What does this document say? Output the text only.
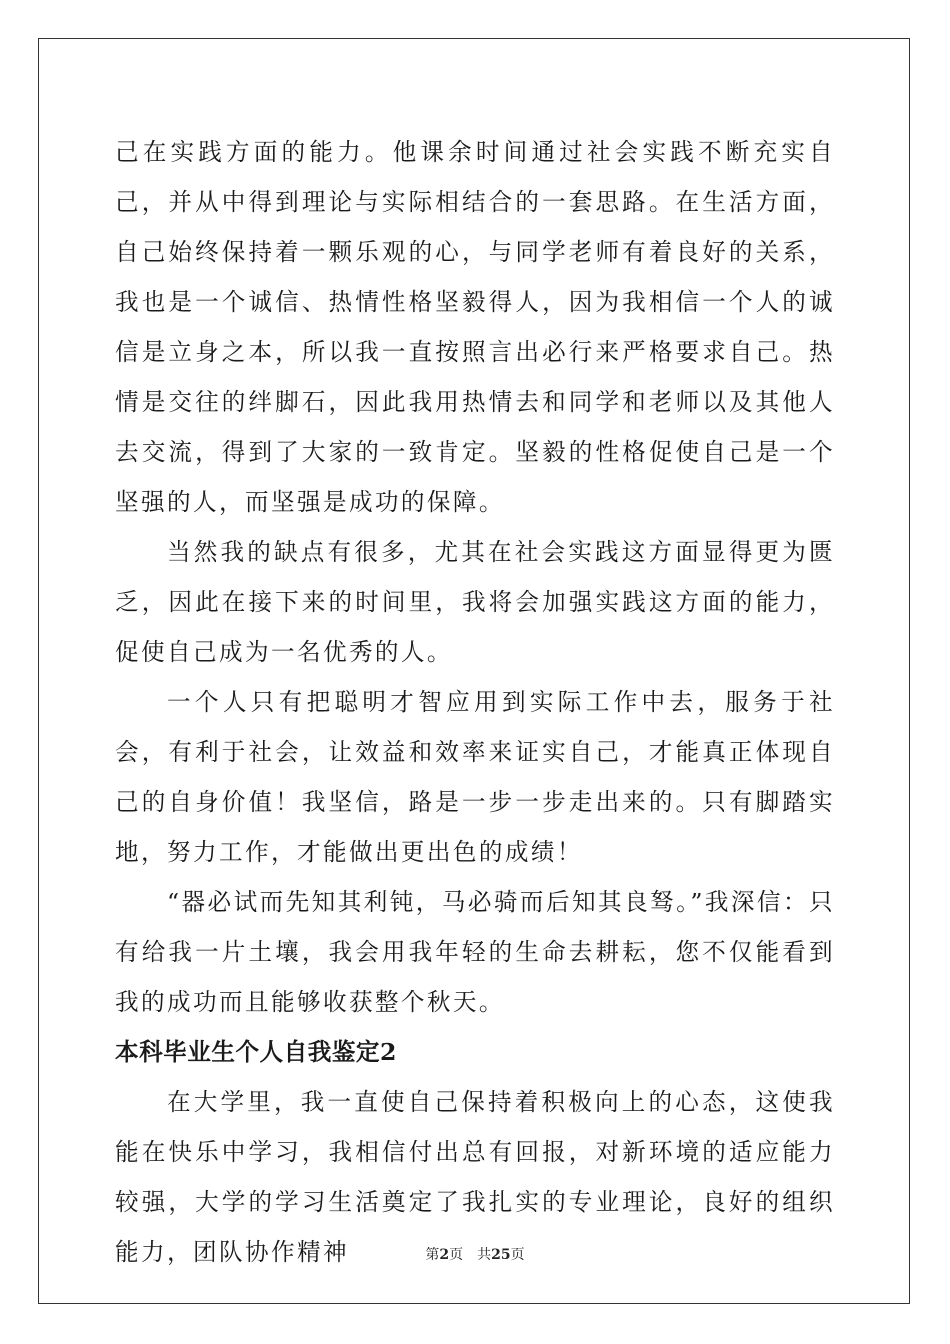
己在实践方面的能力。他课余时间通过社会实践不断充实自己，并从中得到理论与实际相结合的一套思路。在生活方面，自己始终保持着一颗乐观的心，与同学老师有着良好的关系，我也是一个诚信、热情性格坚毅得人，因为我相信一个人的诚信是立身之本，所以我一直按照言出必行来严格要求自己。热情是交往的绊脚石，因此我用热情去和同学和老师以及其他人去交流，得到了大家的一致肯定。坚毅的性格促使自己是一个坚强的人，而坚强是成功的保障。

当然我的缺点有很多，尤其在社会实践这方面显得更为匮乏，因此在接下来的时间里，我将会加强实践这方面的能力，促使自己成为一名优秀的人。

一个人只有把聪明才智应用到实际工作中去，服务于社会，有利于社会，让效益和效率来证实自己，才能真正体现自己的自身价值！我坚信，路是一步一步走出来的。只有脚踏实地，努力工作，才能做出更出色的成绩！

“器必试而先知其利钝，马必骑而后知其良驽。”我深信：只有给我一片土壤，我会用我年轻的生命去耕耘，您不仅能看到我的成功而且能够收获整个秋天。

本科毕业生个人自我鉴定2

在大学里，我一直使自己保持着积极向上的心态，这使我能在快乐中学习，我相信付出总有回报，对新环境的适应能力较强，大学的学习生活奠定了我扎实的专业理论，良好的组织能力，团队协作精神	第2页 共25页
